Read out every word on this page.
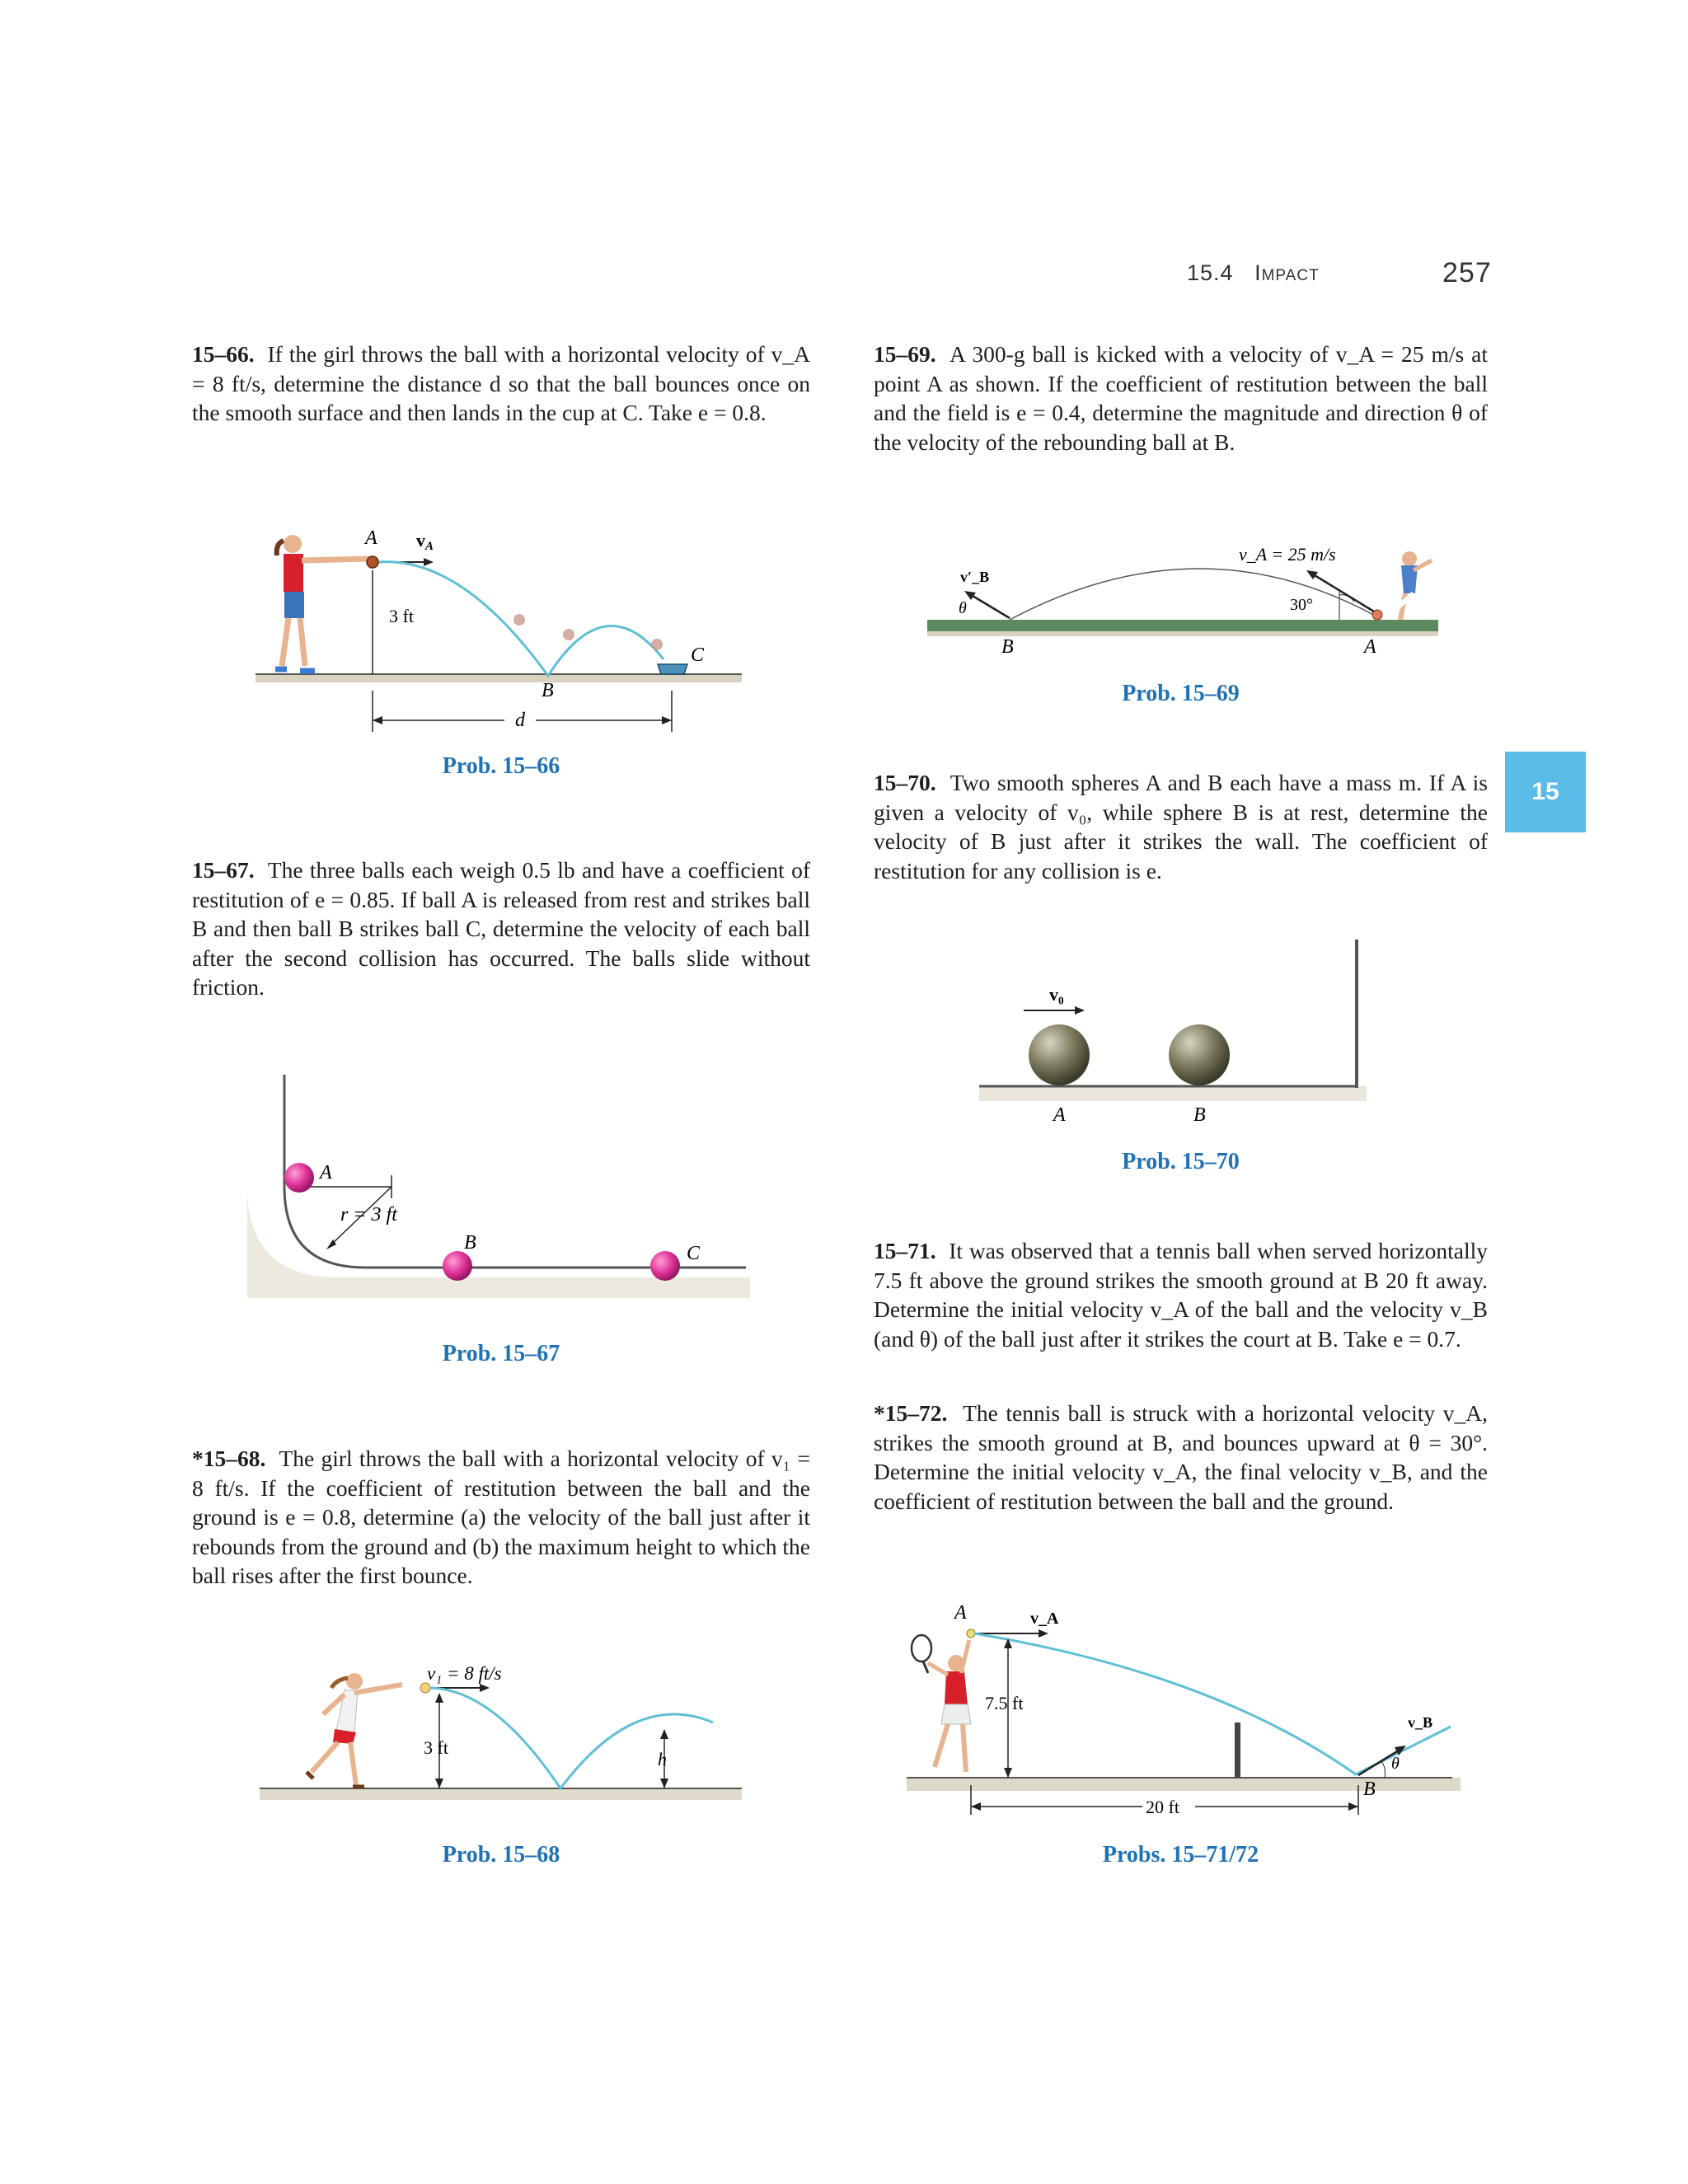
15.4 Impact	257
15
15–66. If the girl throws the ball with a horizontal velocity of v_A = 8 ft/s, determine the distance d so that the ball bounces once on the smooth surface and then lands in the cup at C. Take e = 0.8.
A vA
3 ft
B
C
d
Prob. 15–66
15–67. The three balls each weigh 0.5 lb and have a coefficient of restitution of e = 0.85. If ball A is released from rest and strikes ball B and then ball B strikes ball C, determine the velocity of each ball after the second collision has occurred. The balls slide without friction.
A
r = 3 ft
B	C
Prob. 15–67
*15–68. The girl throws the ball with a horizontal velocity of v₁ = 8 ft/s. If the coefficient of restitution between the ball and the ground is e = 0.8, determine (a) the velocity of the ball just after it rebounds from the ground and (b) the maximum height to which the ball rises after the first bounce.
v₁ = 8 ft/s
3 ft
h
Prob. 15–68
15–69. A 300-g ball is kicked with a velocity of v_A = 25 m/s at point A as shown. If the coefficient of restitution between the ball and the field is e = 0.4, determine the magnitude and direction θ of the velocity of the rebounding ball at B.
v_A = 25 m/s
30°
v′_B
θ
B	A
Prob. 15–69
15–70. Two smooth spheres A and B each have a mass m. If A is given a velocity of v₀, while sphere B is at rest, determine the velocity of B just after it strikes the wall. The coefficient of restitution for any collision is e.
v₀
A	B
Prob. 15–70
15–71. It was observed that a tennis ball when served horizontally 7.5 ft above the ground strikes the smooth ground at B 20 ft away. Determine the initial velocity v_A of the ball and the velocity v_B (and θ) of the ball just after it strikes the court at B. Take e = 0.7.
*15–72. The tennis ball is struck with a horizontal velocity v_A, strikes the smooth ground at B, and bounces upward at θ = 30°. Determine the initial velocity v_A, the final velocity v_B, and the coefficient of restitution between the ball and the ground.
A	v_A
7.5 ft
20 ft
v_B
θ
B
Probs. 15–71/72
